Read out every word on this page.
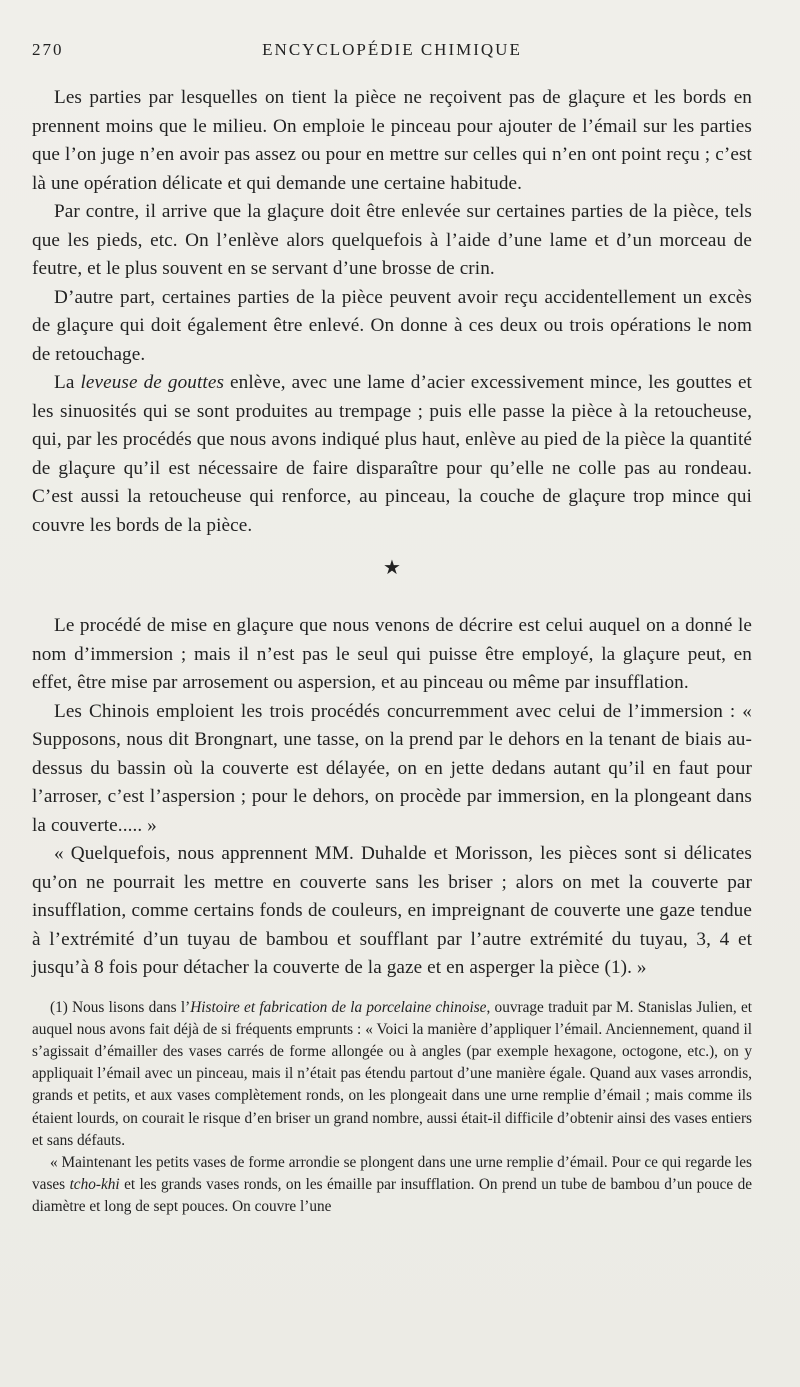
270	ENCYCLOPÉDIE CHIMIQUE

Les parties par lesquelles on tient la pièce ne reçoivent pas de glaçure et les bords en prennent moins que le milieu. On emploie le pinceau pour ajouter de l’émail sur les parties que l’on juge n’en avoir pas assez ou pour en mettre sur celles qui n’en ont point reçu ; c’est là une opération délicate et qui demande une certaine habitude.

Par contre, il arrive que la glaçure doit être enlevée sur certaines parties de la pièce, tels que les pieds, etc. On l’enlève alors quelquefois à l’aide d’une lame et d’un morceau de feutre, et le plus souvent en se servant d’une brosse de crin.

D’autre part, certaines parties de la pièce peuvent avoir reçu accidentellement un excès de glaçure qui doit également être enlevé. On donne à ces deux ou trois opérations le nom de retouchage.

La leveuse de gouttes enlève, avec une lame d’acier excessivement mince, les gouttes et les sinuosités qui se sont produites au trempage ; puis elle passe la pièce à la retoucheuse, qui, par les procédés que nous avons indiqué plus haut, enlève au pied de la pièce la quantité de glaçure qu’il est nécessaire de faire disparaître pour qu’elle ne colle pas au rondeau. C’est aussi la retoucheuse qui renforce, au pinceau, la couche de glaçure trop mince qui couvre les bords de la pièce.

★

Le procédé de mise en glaçure que nous venons de décrire est celui auquel on a donné le nom d’immersion ; mais il n’est pas le seul qui puisse être employé, la glaçure peut, en effet, être mise par arrosement ou aspersion, et au pinceau ou même par insufflation.

Les Chinois emploient les trois procédés concurremment avec celui de l’immersion : « Supposons, nous dit Brongnart, une tasse, on la prend par le dehors en la tenant de biais au-dessus du bassin où la couverte est délayée, on en jette dedans autant qu’il en faut pour l’arroser, c’est l’aspersion ; pour le dehors, on procède par immersion, en la plongeant dans la couverte..... »

« Quelquefois, nous apprennent MM. Duhalde et Morisson, les pièces sont si délicates qu’on ne pourrait les mettre en couverte sans les briser ; alors on met la couverte par insufflation, comme certains fonds de couleurs, en impreignant de couverte une gaze tendue à l’extrémité d’un tuyau de bambou et soufflant par l’autre extrémité du tuyau, 3, 4 et jusqu’à 8 fois pour détacher la couverte de la gaze et en asperger la pièce (1). »

(1) Nous lisons dans l’Histoire et fabrication de la porcelaine chinoise, ouvrage traduit par M. Stanislas Julien, et auquel nous avons fait déjà de si fréquents emprunts : « Voici la manière d’appliquer l’émail. Anciennement, quand il s’agissait d’émailler des vases carrés de forme allongée ou à angles (par exemple hexagone, octogone, etc.), on y appliquait l’émail avec un pinceau, mais il n’était pas étendu partout d’une manière égale. Quand aux vases arrondis, grands et petits, et aux vases complètement ronds, on les plongeait dans une urne remplie d’émail ; mais comme ils étaient lourds, on courait le risque d’en briser un grand nombre, aussi était-il difficile d’obtenir ainsi des vases entiers et sans défauts.

« Maintenant les petits vases de forme arrondie se plongent dans une urne remplie d’émail. Pour ce qui regarde les vases tcho-khi et les grands vases ronds, on les émaille par insufflation. On prend un tube de bambou d’un pouce de diamètre et long de sept pouces. On couvre l’une
